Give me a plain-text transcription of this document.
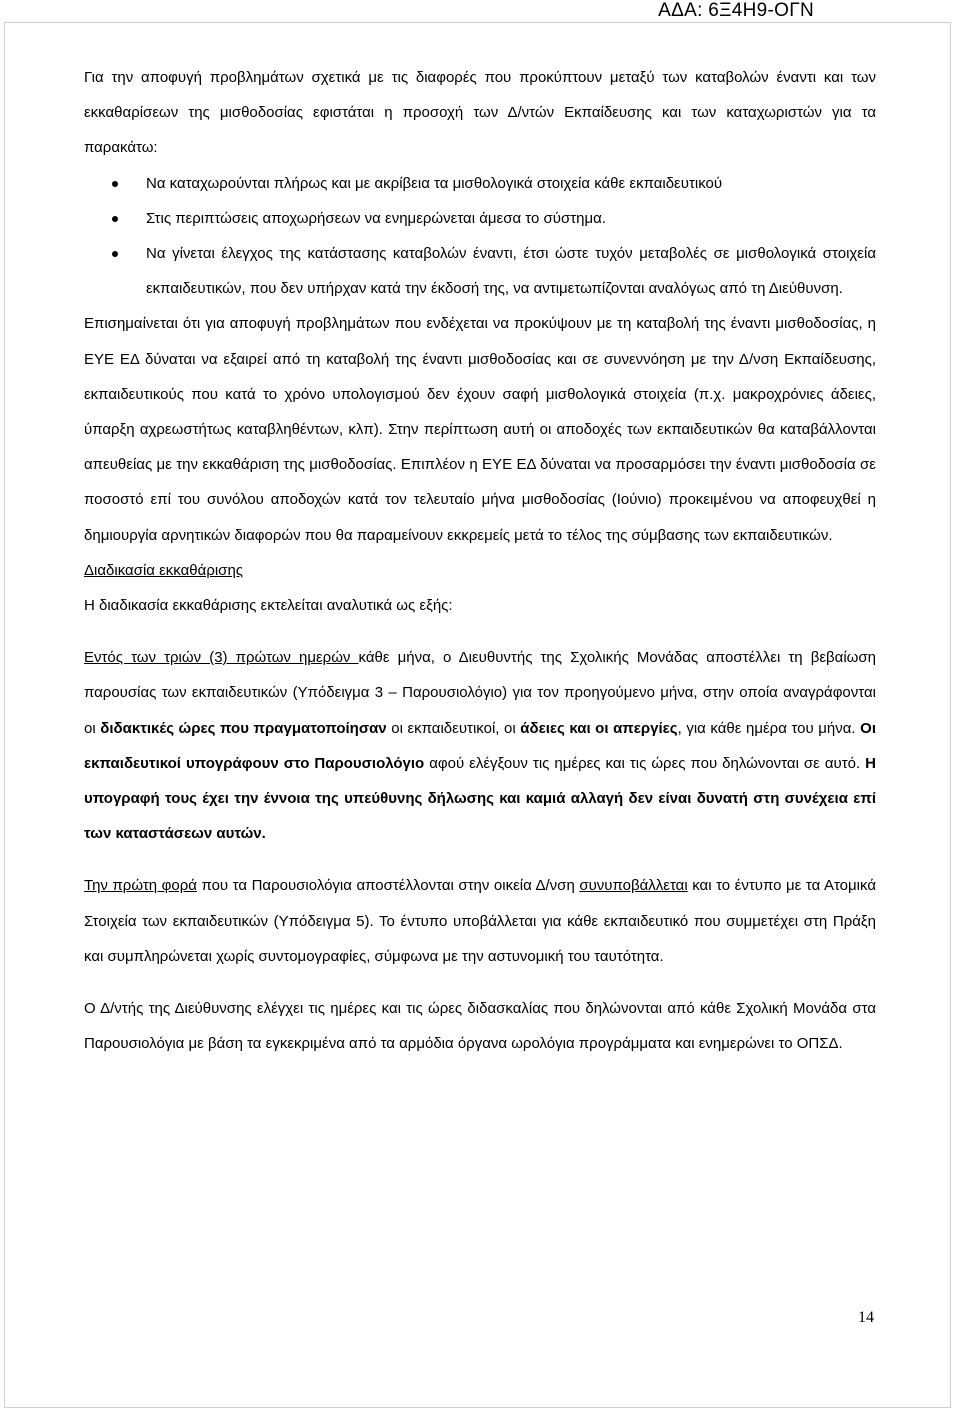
ΑΔΑ: 6Ξ4Η9-ΟΓΝ

Για την αποφυγή προβλημάτων σχετικά με τις διαφορές που προκύπτουν μεταξύ των καταβολών έναντι και των εκκαθαρίσεων της μισθοδοσίας εφιστάται η προσοχή των Δ/ντών Εκπαίδευσης και των καταχωριστών για τα παρακάτω:

Να καταχωρούνται πλήρως και με ακρίβεια τα μισθολογικά στοιχεία κάθε εκπαιδευτικού
Στις περιπτώσεις αποχωρήσεων να ενημερώνεται άμεσα το σύστημα.
Να γίνεται έλεγχος της κατάστασης καταβολών έναντι, έτσι ώστε τυχόν μεταβολές σε μισθολογικά στοιχεία εκπαιδευτικών, που δεν υπήρχαν κατά την έκδοσή της, να αντιμετωπίζονται αναλόγως από τη Διεύθυνση.

Επισημαίνεται ότι για αποφυγή προβλημάτων που ενδέχεται να προκύψουν με τη καταβολή της έναντι μισθοδοσίας, η ΕΥΕ ΕΔ δύναται να εξαιρεί από τη καταβολή της έναντι μισθοδοσίας και σε συνεννόηση με την Δ/νση Εκπαίδευσης, εκπαιδευτικούς που κατά το χρόνο υπολογισμού δεν έχουν σαφή μισθολογικά στοιχεία (π.χ. μακροχρόνιες άδειες, ύπαρξη αχρεωστήτως καταβληθέντων, κλπ). Στην περίπτωση αυτή οι αποδοχές των εκπαιδευτικών θα καταβάλλονται απευθείας με την εκκαθάριση της μισθοδοσίας. Επιπλέον η ΕΥΕ ΕΔ δύναται να προσαρμόσει την έναντι μισθοδοσία σε ποσοστό επί του συνόλου αποδοχών κατά τον τελευταίο μήνα μισθοδοσίας (Ιούνιο) προκειμένου να αποφευχθεί η δημιουργία αρνητικών διαφορών που θα παραμείνουν εκκρεμείς μετά το τέλος της σύμβασης των εκπαιδευτικών.

Διαδικασία εκκαθάρισης

Η διαδικασία εκκαθάρισης εκτελείται αναλυτικά ως εξής:

Εντός των τριών (3) πρώτων ημερών κάθε μήνα, ο Διευθυντής της Σχολικής Μονάδας αποστέλλει τη βεβαίωση παρουσίας των εκπαιδευτικών (Υπόδειγμα 3 – Παρουσιολόγιο) για τον προηγούμενο μήνα, στην οποία αναγράφονται οι διδακτικές ώρες που πραγματοποίησαν οι εκπαιδευτικοί, οι άδειες και οι απεργίες, για κάθε ημέρα του μήνα. Οι εκπαιδευτικοί υπογράφουν στο Παρουσιολόγιο αφού ελέγξουν τις ημέρες και τις ώρες που δηλώνονται σε αυτό. Η υπογραφή τους έχει την έννοια της υπεύθυνης δήλωσης και καμιά αλλαγή δεν είναι δυνατή στη συνέχεια επί των καταστάσεων αυτών.

Την πρώτη φορά που τα Παρουσιολόγια αποστέλλονται στην οικεία Δ/νση συνυποβάλλεται και το έντυπο με τα Ατομικά Στοιχεία των εκπαιδευτικών (Υπόδειγμα 5). Το έντυπο υποβάλλεται για κάθε εκπαιδευτικό που συμμετέχει στη Πράξη και συμπληρώνεται χωρίς συντομογραφίες, σύμφωνα με την αστυνομική του ταυτότητα.

Ο Δ/ντής της Διεύθυνσης ελέγχει τις ημέρες και τις ώρες διδασκαλίας που δηλώνονται από κάθε Σχολική Μονάδα στα Παρουσιολόγια με βάση τα εγκεκριμένα από τα αρμόδια όργανα ωρολόγια προγράμματα και ενημερώνει το ΟΠΣΔ.

14
